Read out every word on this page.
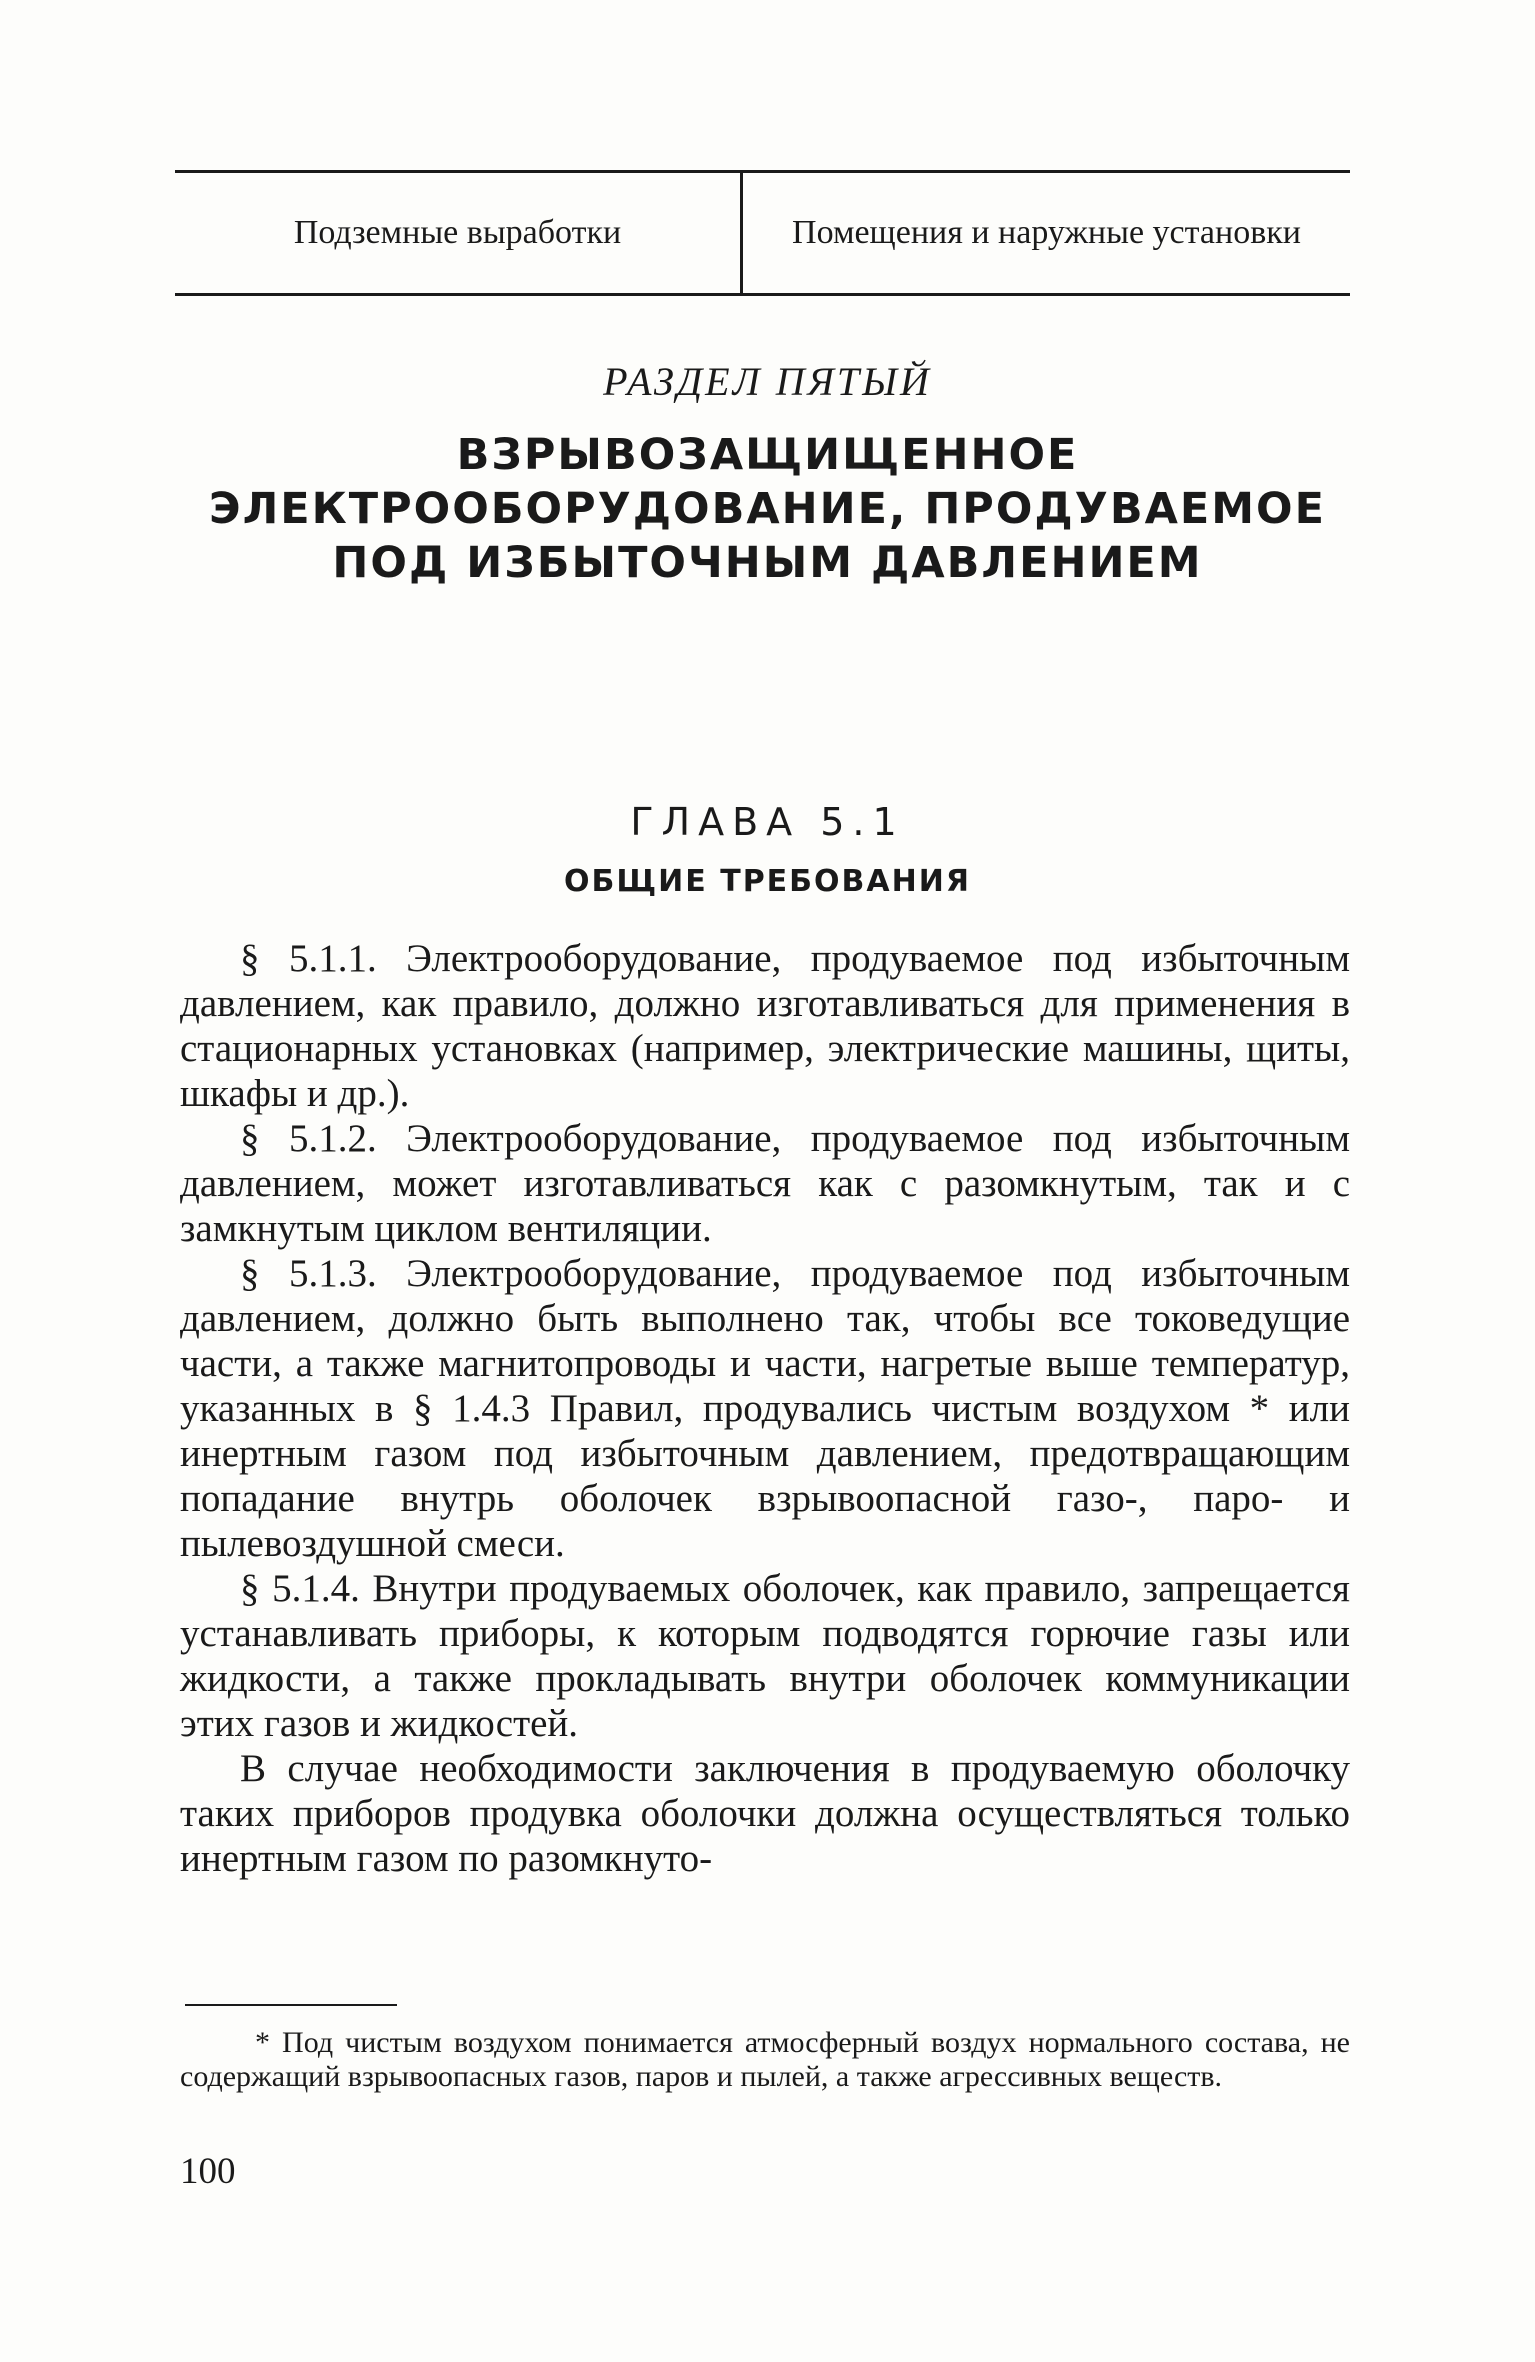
Подземные выработки	Помещения и наружные установки
РАЗДЕЛ ПЯТЫЙ
ВЗРЫВОЗАЩИЩЕННОЕ
ЭЛЕКТРООБОРУДОВАНИЕ, ПРОДУВАЕМОЕ
ПОД ИЗБЫТОЧНЫМ ДАВЛЕНИЕМ
ГЛАВА 5.1
ОБЩИЕ ТРЕБОВАНИЯ

§ 5.1.1. Электрооборудование, продуваемое под избыточным давлением, как правило, должно изготавливаться для применения в стационарных установках (например, электрические машины, щиты, шкафы и др.).

§ 5.1.2. Электрооборудование, продуваемое под избыточным давлением, может изготавливаться как с разомкнутым, так и с замкнутым циклом вентиляции.

§ 5.1.3. Электрооборудование, продуваемое под избыточным давлением, должно быть выполнено так, чтобы все токоведущие части, а также магнитопроводы и части, нагретые выше температур, указанных в § 1.4.3 Правил, продувались чистым воздухом * или инертным газом под избыточным давлением, предотвращающим попадание внутрь оболочек взрывоопасной газо-, паро- и пылевоздушной смеси.

§ 5.1.4. Внутри продуваемых оболочек, как правило, запрещается устанавливать приборы, к которым подводятся горючие газы или жидкости, а также прокладывать внутри оболочек коммуникации этих газов и жидкостей.

В случае необходимости заключения в продуваемую оболочку таких приборов продувка оболочки должна осуществляться только инертным газом по разомкнуто-

* Под чистым воздухом понимается атмосферный воздух нормального состава, не содержащий взрывоопасных газов, паров и пылей, а также агрессивных веществ.

100
